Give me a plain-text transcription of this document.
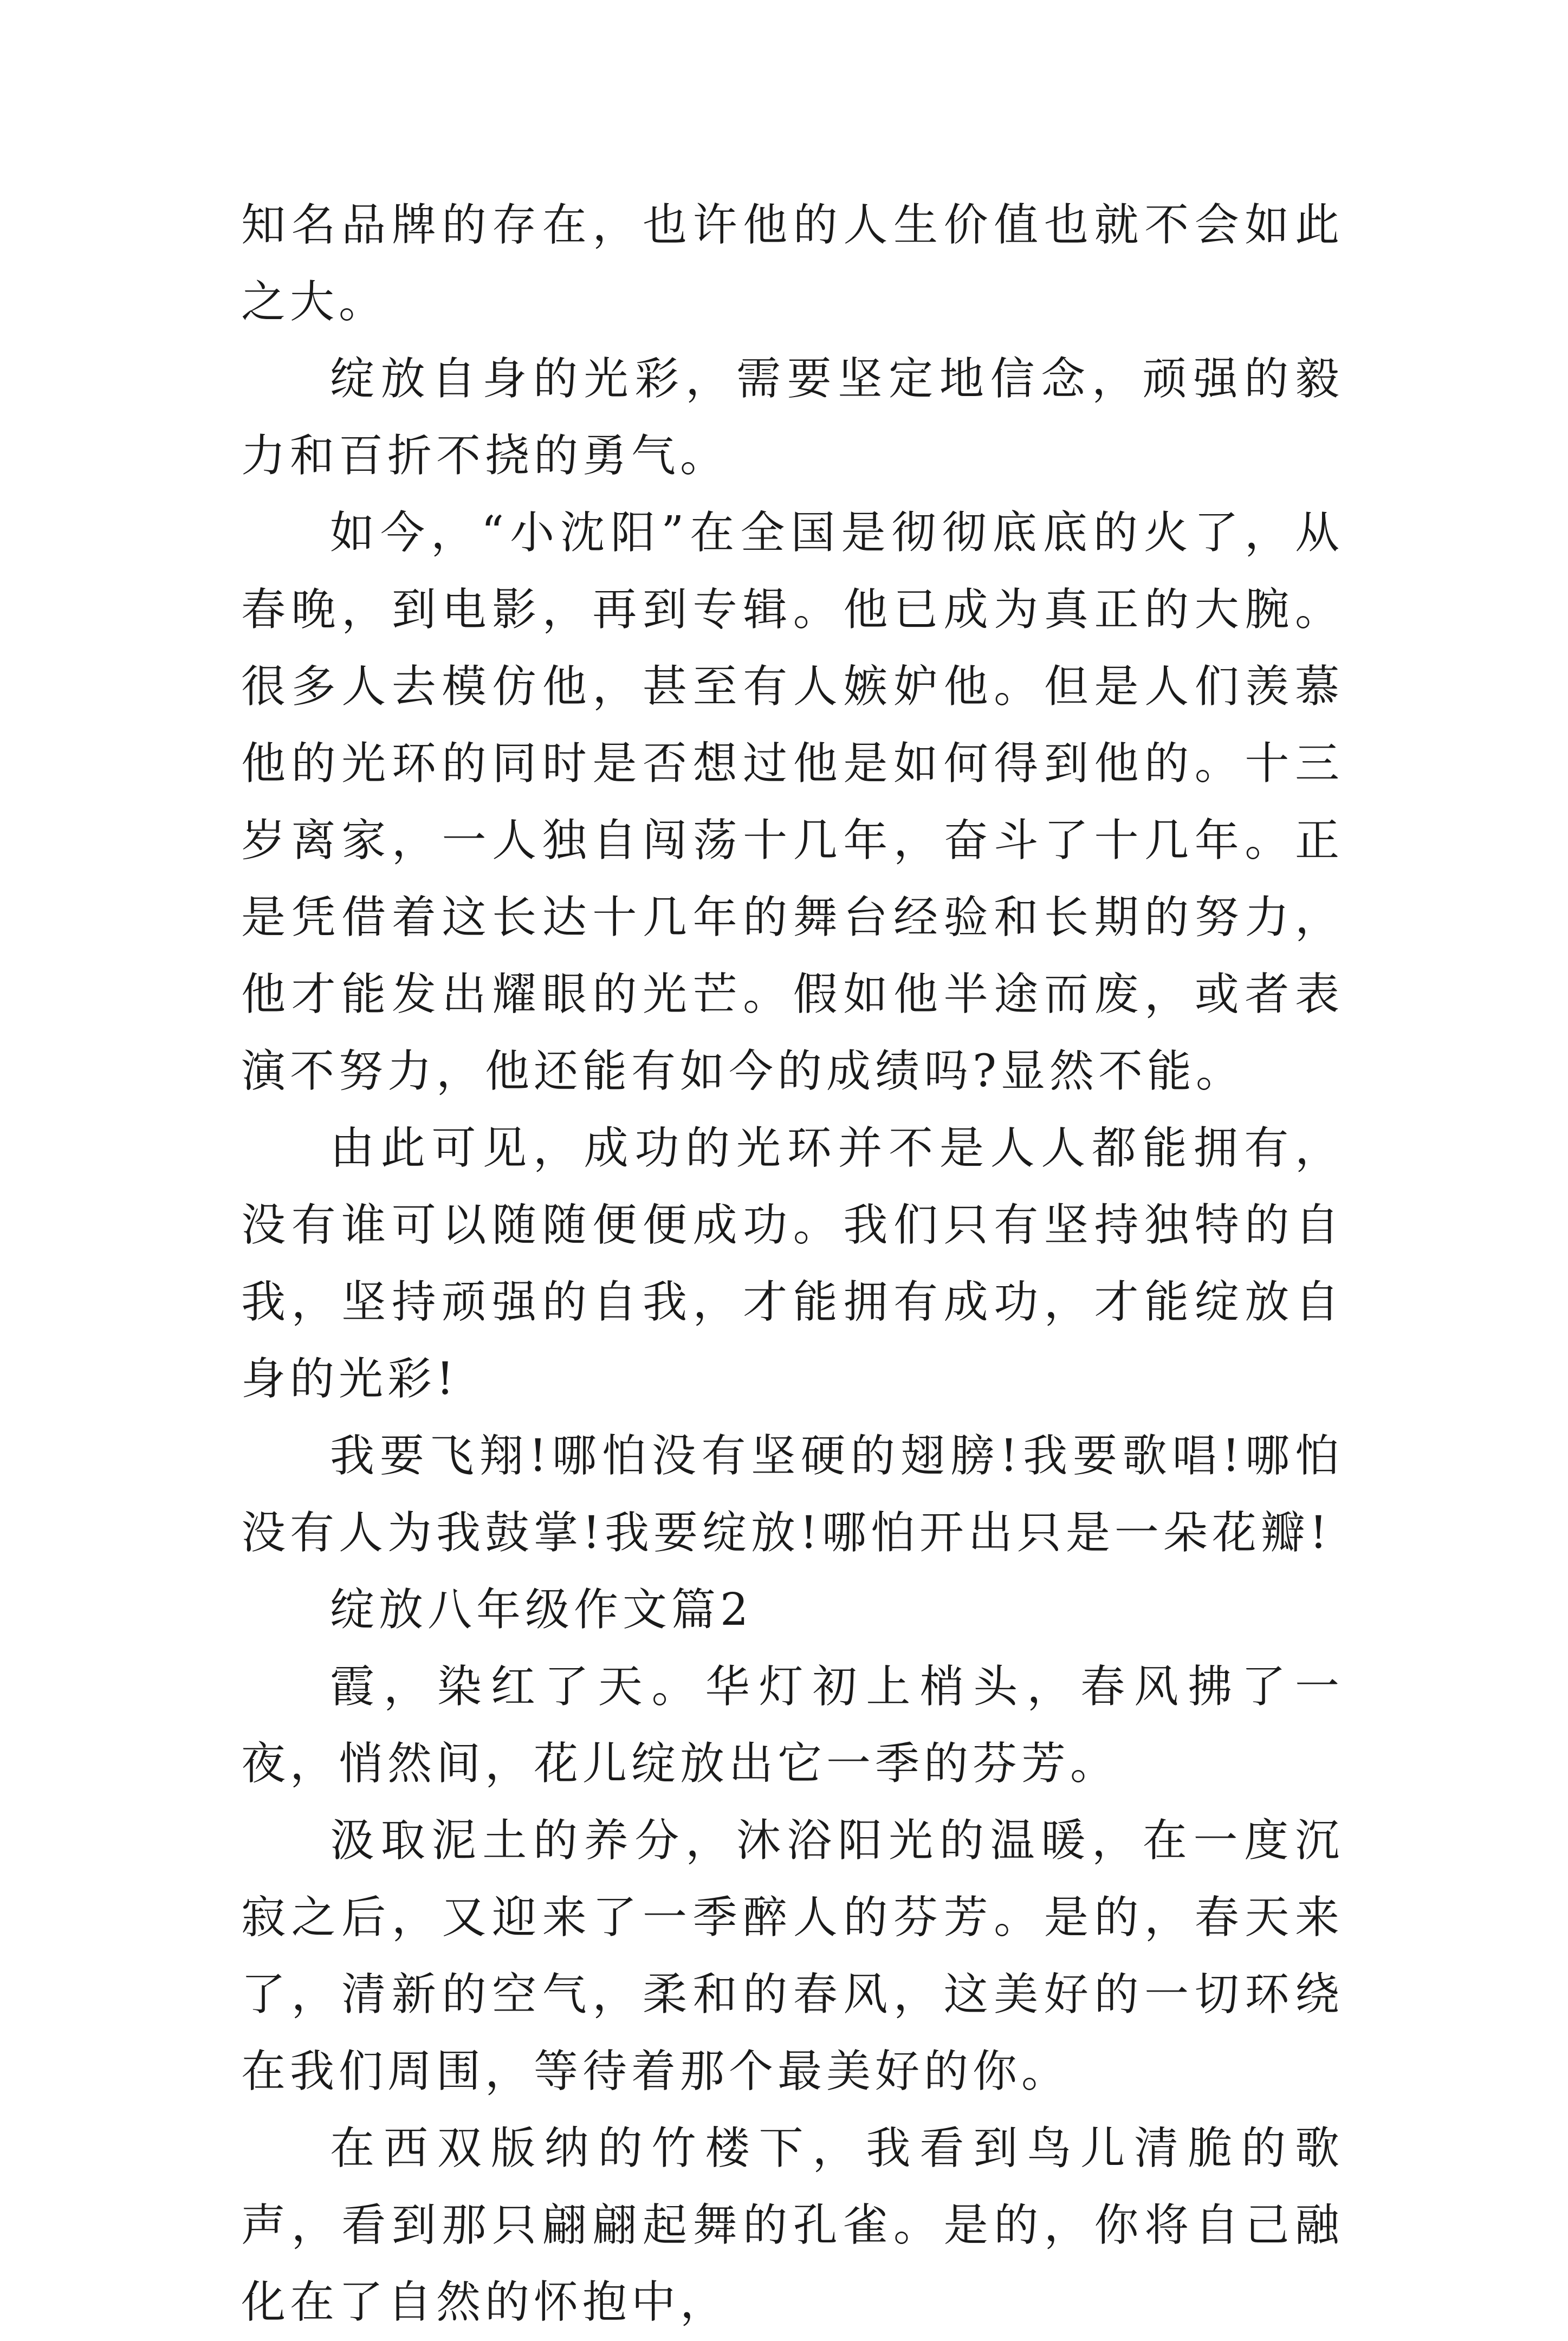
知名品牌的存在，也许他的人生价值也就不会如此之大。

绽放自身的光彩，需要坚定地信念，顽强的毅力和百折不挠的勇气。

如今，“小沈阳”在全国是彻彻底底的火了，从春晚，到电影，再到专辑。他已成为真正的大腕。很多人去模仿他，甚至有人嫉妒他。但是人们羡慕他的光环的同时是否想过他是如何得到他的。十三岁离家，一人独自闯荡十几年，奋斗了十几年。正是凭借着这长达十几年的舞台经验和长期的努力，他才能发出耀眼的光芒。假如他半途而废，或者表演不努力，他还能有如今的成绩吗?显然不能。

由此可见，成功的光环并不是人人都能拥有，没有谁可以随随便便成功。我们只有坚持独特的自我，坚持顽强的自我，才能拥有成功，才能绽放自身的光彩!

我要飞翔!哪怕没有坚硬的翅膀!我要歌唱!哪怕没有人为我鼓掌!我要绽放!哪怕开出只是一朵花瓣!

绽放八年级作文篇2

霞，染红了天。华灯初上梢头，春风拂了一夜，悄然间，花儿绽放出它一季的芬芳。

汲取泥土的养分，沐浴阳光的温暖，在一度沉寂之后，又迎来了一季醉人的芬芳。是的，春天来了，清新的空气，柔和的春风，这美好的一切环绕在我们周围，等待着那个最美好的你。

在西双版纳的竹楼下，我看到鸟儿清脆的歌声，看到那只翩翩起舞的孔雀。是的，你将自己融化在了自然的怀抱中，
